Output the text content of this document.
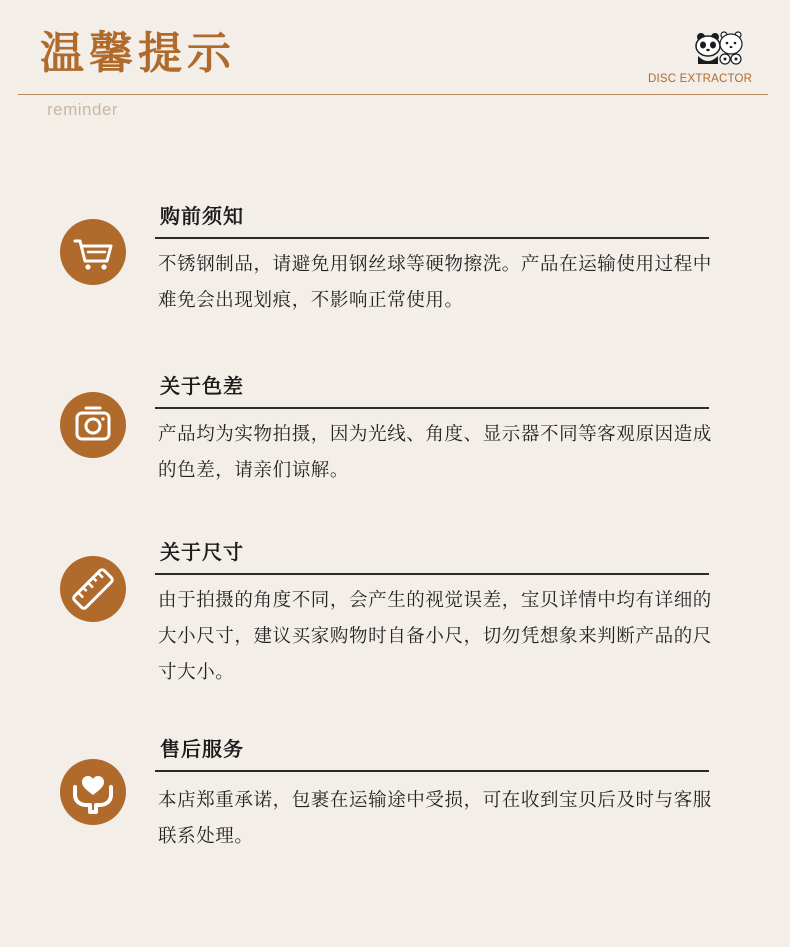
温馨提示	DISC EXTRACTOR
reminder
购前须知
不锈钢制品，请避免用钢丝球等硬物擦洗。产品在运输使用过程中难免会出现划痕，不影响正常使用。
关于色差
产品均为实物拍摄，因为光线、角度、显示器不同等客观原因造成的色差，请亲们谅解。
关于尺寸
由于拍摄的角度不同，会产生的视觉误差，宝贝详情中均有详细的大小尺寸，建议买家购物时自备小尺，切勿凭想象来判断产品的尺寸大小。
售后服务
本店郑重承诺，包裹在运输途中受损，可在收到宝贝后及时与客服联系处理。
